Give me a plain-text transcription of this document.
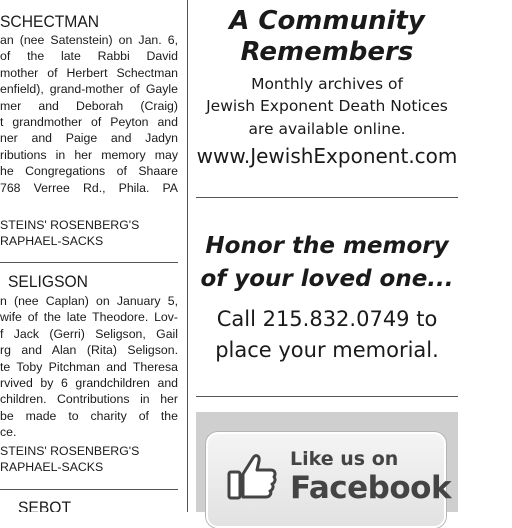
SCHECTMAN
an (nee Satenstein) on Jan. 6,
of the late Rabbi David
mother of Herbert Schectman
enfield), grand-mother of Gayle
mer and Deborah (Craig)
t grandmother of Peyton and
ner and Paige and Jadyn
ributions in her memory may
he Congregations of Shaare
768 Verree Rd., Phila. PA
STEINS' ROSENBERG'S
RAPHAEL-SACKS
SELIGSON
n (nee Caplan) on January 5,
wife of the late Theodore. Lov-
f Jack (Gerri) Seligson, Gail
rg and Alan (Rita) Seligson.
te Toby Pitchman and Theresa
rvived by 6 grandchildren and
children. Contributions in her
be made to charity of the
ce.
STEINS' ROSENBERG'S
RAPHAEL-SACKS
SEBOT
A Community
Remembers
Monthly archives of
Jewish Exponent Death Notices
are available online.
www.JewishExponent.com
Honor the memory
of your loved one...
Call 215.832.0749 to
place your memorial.
Like us on
Facebook
